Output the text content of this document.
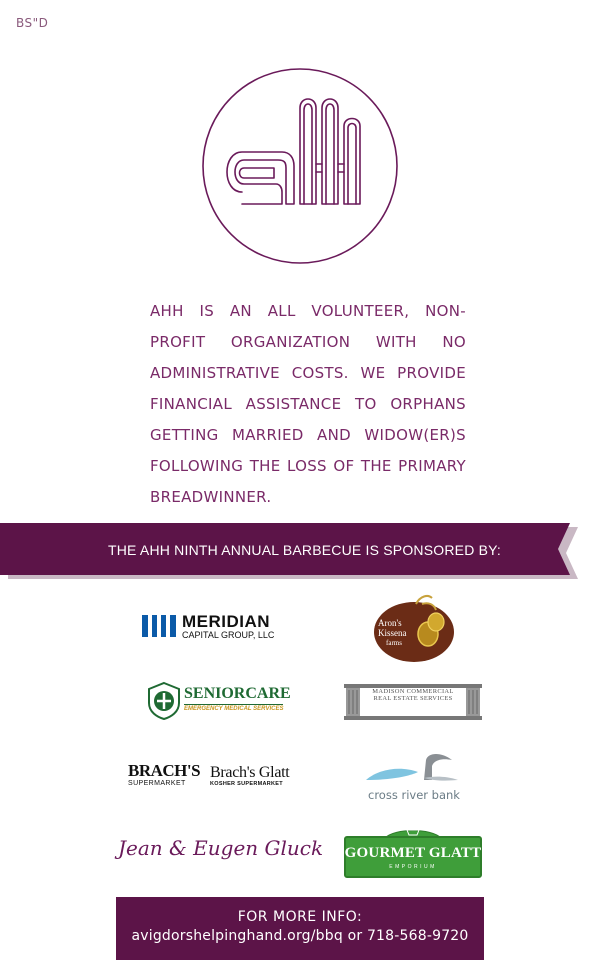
BS"D
AHH IS AN ALL VOLUNTEER, NON-PROFIT ORGANIZATION WITH NO ADMINISTRATIVE COSTS. WE PROVIDE FINANCIAL ASSISTANCE TO ORPHANS GETTING MARRIED AND WIDOW(ER)S FOLLOWING THE LOSS OF THE PRIMARY BREADWINNER.
THE AHH NINTH ANNUAL BARBECUE IS SPONSORED BY:
MERIDIAN
CAPITAL GROUP, LLC
Aron's
Kissena
farms
SENIORCARE
EMERGENCY MEDICAL SERVICES
MADISON COMMERCIAL
REAL ESTATE SERVICES
BRACH'S
SUPERMARKET
Brach's Glatt
KOSHER SUPERMARKET
cross river bank
Jean & Eugen Gluck GOURMET GLATT
EMPORIUM
FOR MORE INFO:
avigdorshelpinghand.org/bbq or 718-568-9720
